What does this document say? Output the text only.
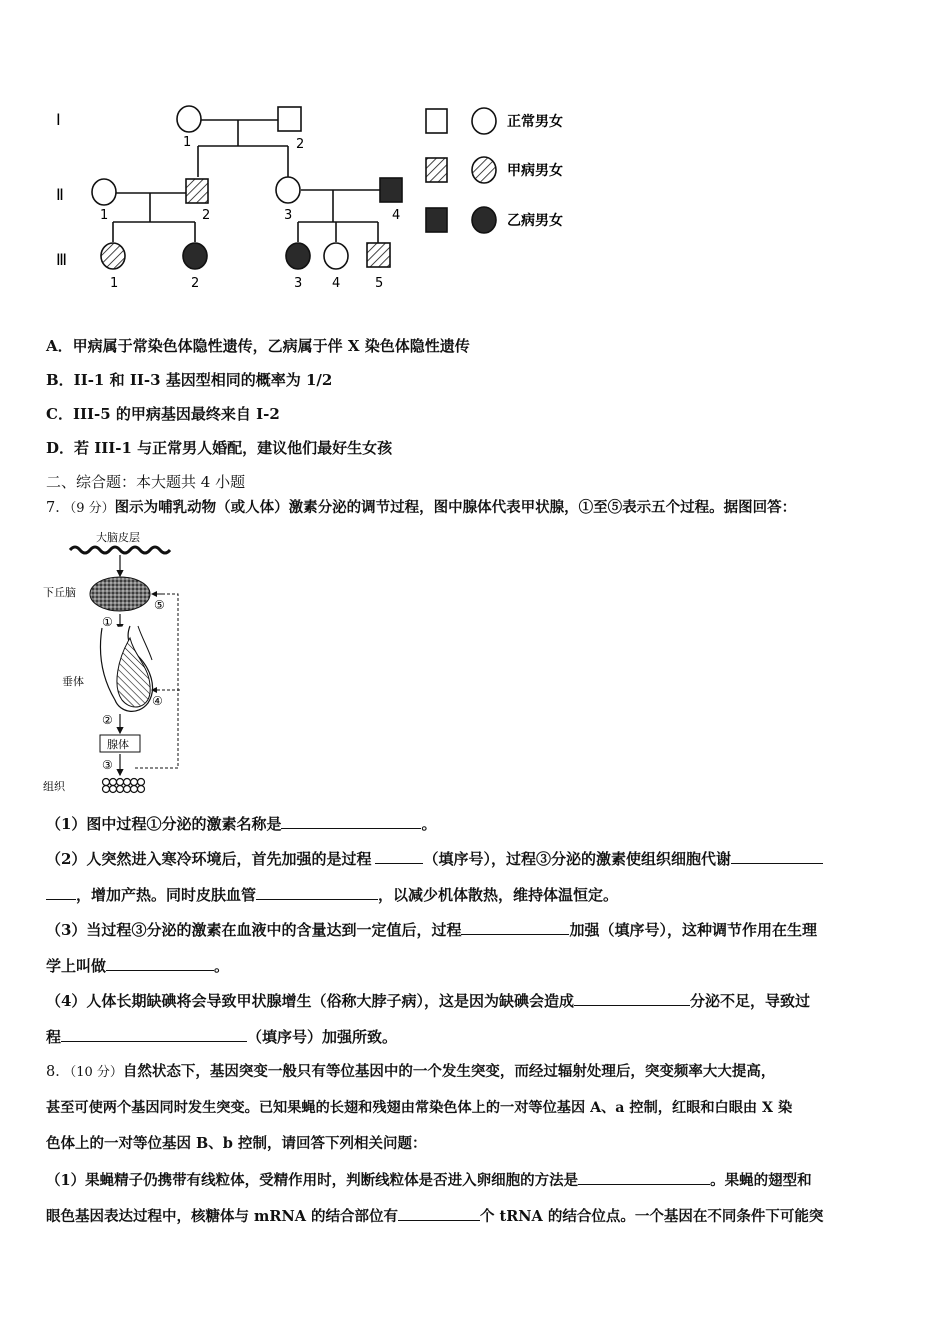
Ⅰ
Ⅱ
Ⅲ
1	2
1	2	3	4
1	2	3 4	5
正常男女
甲病男女
乙病男女
A．甲病属于常染色体隐性遗传，乙病属于伴 X 染色体隐性遗传
B．II-1 和 II-3 基因型相同的概率为 1/2
C．III-5 的甲病基因最终来自 I-2
D．若 III-1 与正常男人婚配，建议他们最好生女孩
二、综合题：本大题共 4 小题
7．（9 分）图示为哺乳动物（或人体）激素分泌的调节过程，图中腺体代表甲状腺，①至⑤表示五个过程。据图回答：
大脑皮层
下丘脑
①
垂体
④
②
腺体
③
组织
⑤
（1）图中过程①分泌的激素名称是	。
（2）人突然进入寒冷环境后，首先加强的是过程	（填序号），过程③分泌的激素使组织细胞代谢
，增加产热。同时皮肤血管	，以减少机体散热，维持体温恒定。
（3）当过程③分泌的激素在血液中的含量达到一定值后，过程	加强（填序号），这种调节作用在生理
学上叫做	。
（4）人体长期缺碘将会导致甲状腺增生（俗称大脖子病），这是因为缺碘会造成	分泌不足，导致过
程	（填序号）加强所致。
8．（10 分）自然状态下，基因突变一般只有等位基因中的一个发生突变，而经过辐射处理后，突变频率大大提高，
甚至可使两个基因同时发生突变。已知果蝇的长翅和残翅由常染色体上的一对等位基因 A、a 控制，红眼和白眼由 X 染
色体上的一对等位基因 B、b 控制，请回答下列相关问题：
（1）果蝇精子仍携带有线粒体，受精作用时，判断线粒体是否进入卵细胞的方法是	。果蝇的翅型和
眼色基因表达过程中，核糖体与 mRNA 的结合部位有	个 tRNA 的结合位点。一个基因在不同条件下可能突
